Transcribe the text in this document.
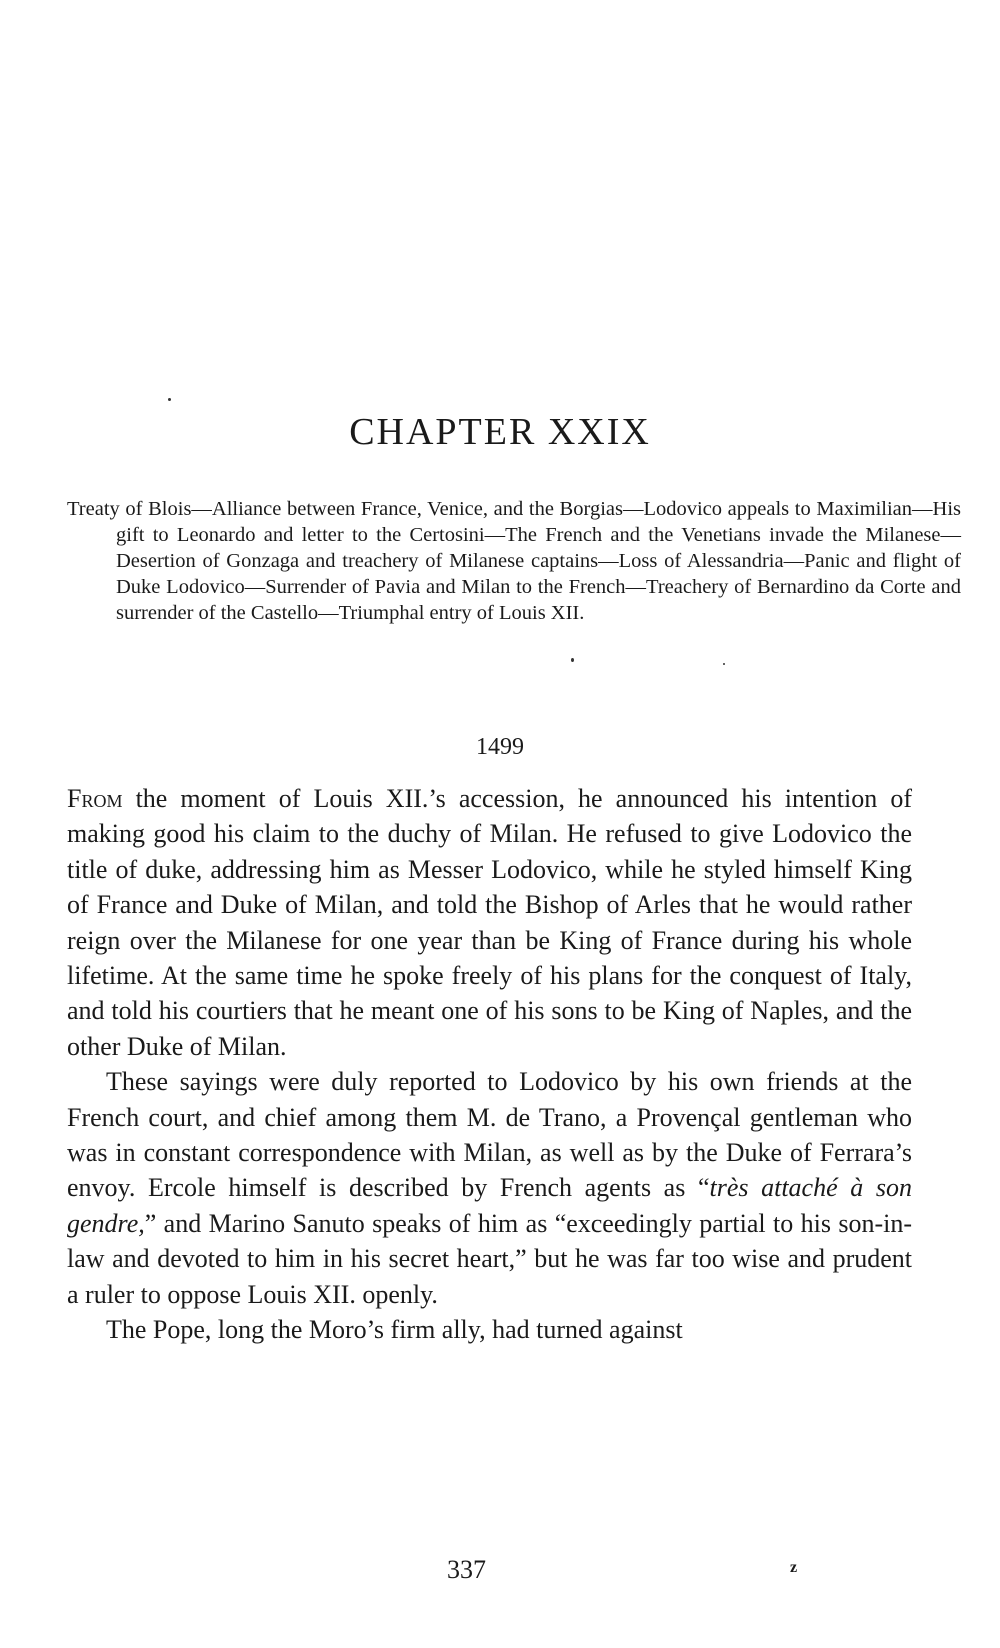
CHAPTER XXIX

Treaty of Blois—Alliance between France, Venice, and the Borgias—Lodovico appeals to Maximilian—His gift to Leonardo and letter to the Certosini—The French and the Venetians invade the Milanese—Desertion of Gonzaga and treachery of Milanese captains—Loss of Alessandria—Panic and flight of Duke Lodovico—Surrender of Pavia and Milan to the French—Treachery of Bernardino da Corte and surrender of the Castello—Triumphal entry of Louis XII.

1499

From the moment of Louis XII.’s accession, he announced his intention of making good his claim to the duchy of Milan. He refused to give Lodovico the title of duke, addressing him as Messer Lodovico, while he styled himself King of France and Duke of Milan, and told the Bishop of Arles that he would rather reign over the Milanese for one year than be King of France during his whole lifetime. At the same time he spoke freely of his plans for the conquest of Italy, and told his courtiers that he meant one of his sons to be King of Naples, and the other Duke of Milan.

These sayings were duly reported to Lodovico by his own friends at the French court, and chief among them M. de Trano, a Provençal gentleman who was in constant correspondence with Milan, as well as by the Duke of Ferrara’s envoy. Ercole himself is described by French agents as “très attaché à son gendre,” and Marino Sanuto speaks of him as “exceedingly partial to his son-in-law and devoted to him in his secret heart,” but he was far too wise and prudent a ruler to oppose Louis XII. openly.

The Pope, long the Moro’s firm ally, had turned against

337	z
